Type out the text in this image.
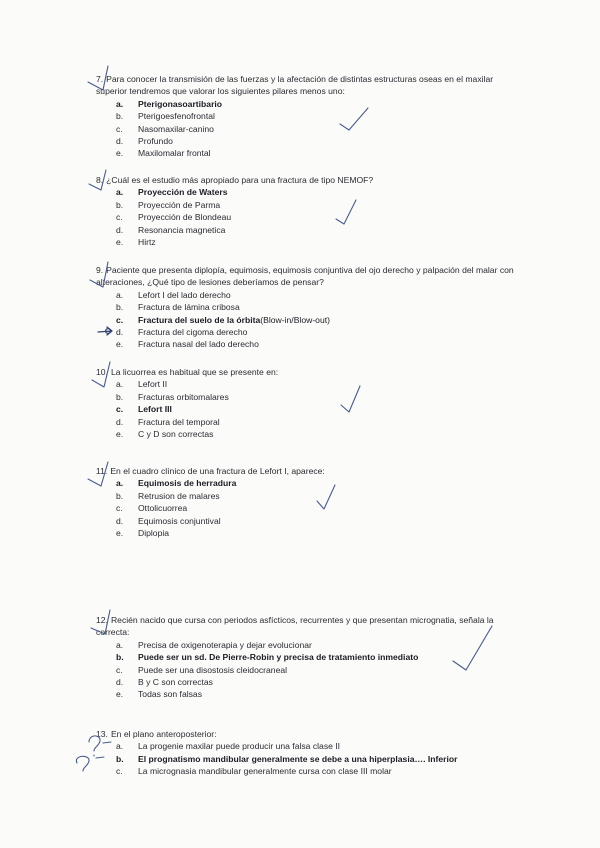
7. Para conocer la transmisión de las fuerzas y la afectación de distintas estructuras oseas en el maxilar superior tendremos que valorar los siguientes pilares menos uno:

a.	Pterigonasoartibario
b.	Pterigoesfenofrontal
c.	Nasomaxilar-canino
d.	Profundo
e.	Maxilomalar frontal

8. ¿Cuál es el estudio más apropiado para una fractura de tipo NEMOF?

a.	Proyección de Waters
b.	Proyección de Parma
c.	Proyección de Blondeau
d.	Resonancia magnetica
e.	Hirtz

9. Paciente que presenta diplopía, equimosis, equimosis conjuntiva del ojo derecho y palpación del malar con alteraciones, ¿Qué tipo de lesiones deberíamos de pensar?

a.	Lefort I del lado derecho
b.	Fractura de lámina cribosa
c.	Fractura del suelo de la órbita (Blow-in/Blow-out)
d.	Fractura del cigoma derecho
e.	Fractura nasal del lado derecho

10. La licuorrea es habitual que se presente en:

a.	Lefort II
b.	Fracturas orbitomalares
c.	Lefort III
d.	Fractura del temporal
e.	C y D son correctas

11. En el cuadro clínico de una fractura de Lefort I, aparece:

a.	Equimosis de herradura
b.	Retrusion de malares
c.	Ottolicuorrea
d.	Equimosis conjuntival
e.	Diplopia

12. Recién nacido que cursa con periodos asfícticos, recurrentes y que presentan micrognatia, señala la correcta:

a.	Precisa de oxigenoterapia y dejar evolucionar
b.	Puede ser un sd. De Pierre-Robin y precisa de tratamiento inmediato
c.	Puede ser una disostosis cleidocraneal
d.	B y C son correctas
e.	Todas son falsas

13. En el plano anteroposterior:

a.	La progenie maxilar puede producir una falsa clase II
b.	El prognatismo mandibular generalmente se debe a una hiperplasia…. Inferior
c.	La micrognasia mandibular generalmente cursa con clase III molar
